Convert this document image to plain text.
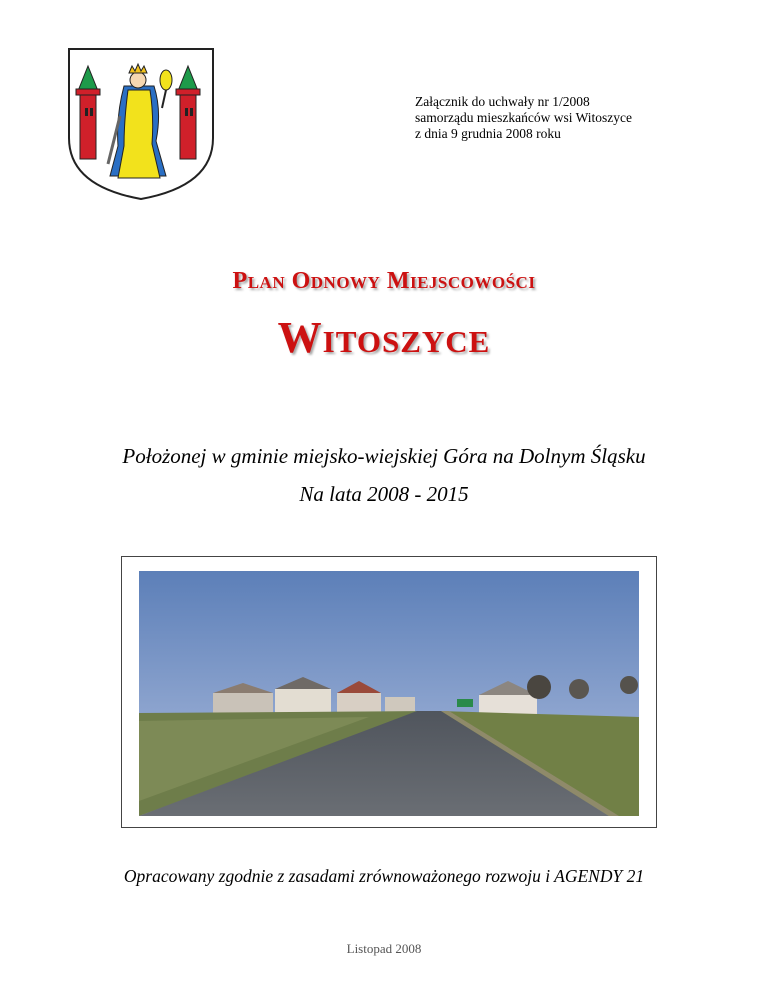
Załącznik do uchwały nr 1/2008
samorządu mieszkańców wsi Witoszyce
z dnia 9 grudnia 2008 roku
Plan Odnowy Miejscowości
Witoszyce
Położonej w gminie miejsko-wiejskiej Góra na Dolnym Śląsku
Na lata 2008 - 2015
Opracowany zgodnie z zasadami zrównoważonego rozwoju i AGENDY 21
Listopad 2008
